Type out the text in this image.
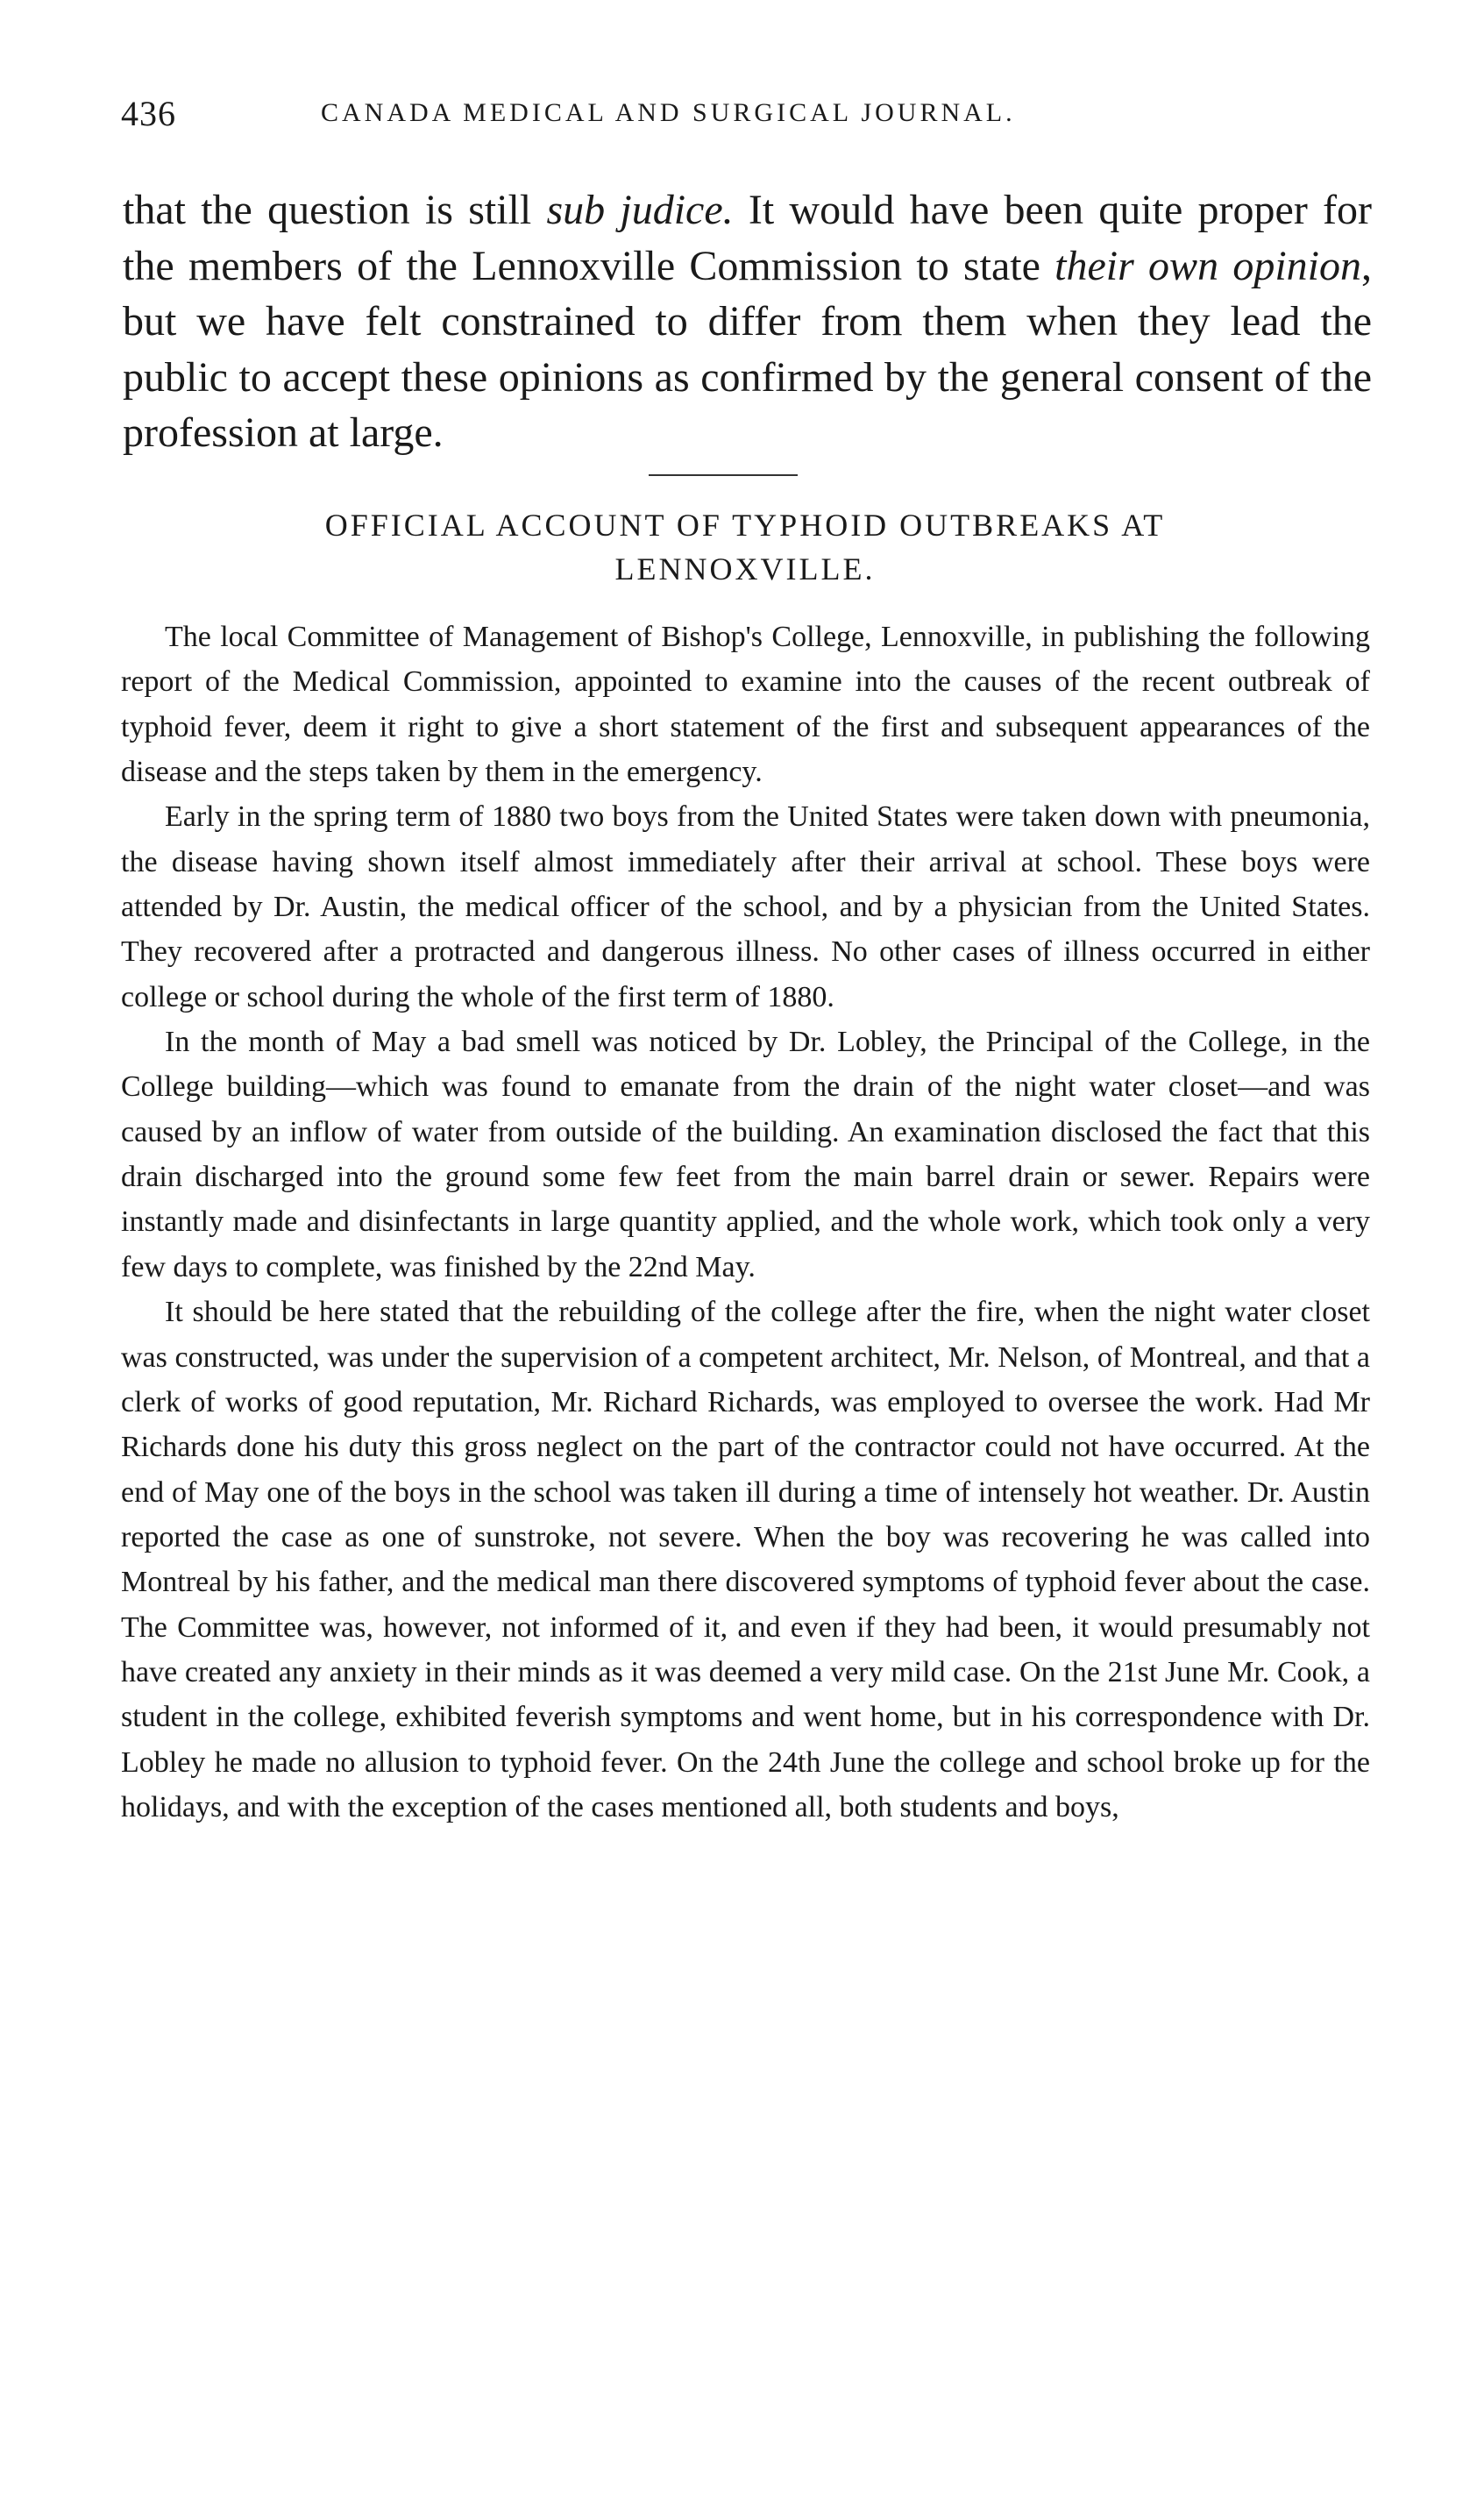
436	CANADA MEDICAL AND SURGICAL JOURNAL.

that the question is still sub judice. It would have been quite proper for the members of the Lennoxville Commission to state their own opinion, but we have felt constrained to differ from them when they lead the public to accept these opinions as confirmed by the general consent of the profession at large.

OFFICIAL ACCOUNT OF TYPHOID OUTBREAKS AT
LENNOXVILLE.

The local Committee of Management of Bishop's College, Lennoxville, in publishing the following report of the Medical Commission, appointed to examine into the causes of the recent outbreak of typhoid fever, deem it right to give a short statement of the first and subsequent appearances of the disease and the steps taken by them in the emergency.

Early in the spring term of 1880 two boys from the United States were taken down with pneumonia, the disease having shown itself almost immediately after their arrival at school. These boys were attended by Dr. Austin, the medical officer of the school, and by a physician from the United States. They recovered after a protracted and dangerous illness. No other cases of illness occurred in either college or school during the whole of the first term of 1880.

In the month of May a bad smell was noticed by Dr. Lobley, the Principal of the College, in the College building—which was found to emanate from the drain of the night water closet—and was caused by an inflow of water from outside of the building. An examination disclosed the fact that this drain discharged into the ground some few feet from the main barrel drain or sewer. Repairs were instantly made and disinfectants in large quantity applied, and the whole work, which took only a very few days to complete, was finished by the 22nd May.

It should be here stated that the rebuilding of the college after the fire, when the night water closet was constructed, was under the supervision of a competent architect, Mr. Nelson, of Montreal, and that a clerk of works of good reputation, Mr. Richard Richards, was employed to oversee the work. Had Mr Richards done his duty this gross neglect on the part of the contractor could not have occurred. At the end of May one of the boys in the school was taken ill during a time of intensely hot weather. Dr. Austin reported the case as one of sunstroke, not severe. When the boy was recovering he was called into Montreal by his father, and the medical man there discovered symptoms of typhoid fever about the case. The Committee was, however, not informed of it, and even if they had been, it would presumably not have created any anxiety in their minds as it was deemed a very mild case. On the 21st June Mr. Cook, a student in the college, exhibited feverish symptoms and went home, but in his correspondence with Dr. Lobley he made no allusion to typhoid fever. On the 24th June the college and school broke up for the holidays, and with the exception of the cases mentioned all, both students and boys,
